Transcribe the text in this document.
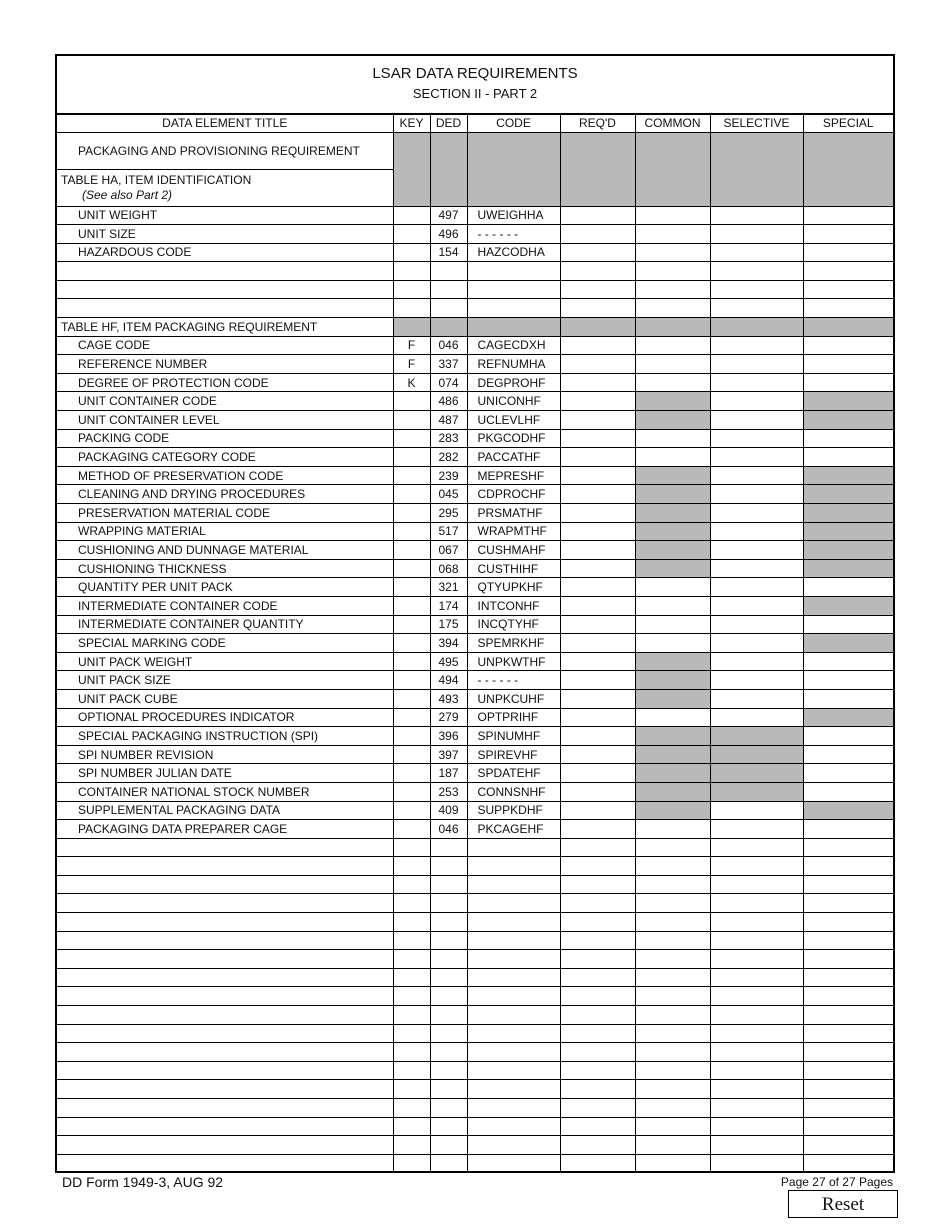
LSAR DATA REQUIREMENTS
SECTION II - PART 2
DATA ELEMENT TITLE	KEY	DED	CODE	REQ'D	COMMON	SELECTIVE	SPECIAL
PACKAGING AND PROVISIONING REQUIREMENT							
TABLE HA, ITEM IDENTIFICATION
(See also Part 2)							

UNIT WEIGHT		497	UWEIGHHA				
UNIT SIZE		496	- - - - - -				
HAZARDOUS CODE		154	HAZCODHA				

TABLE HF, ITEM PACKAGING REQUIREMENT							
CAGE CODE	F	046	CAGECDXH				
REFERENCE NUMBER	F	337	REFNUMHA				
DEGREE OF PROTECTION CODE	K	074	DEGPROHF				
UNIT CONTAINER CODE		486	UNICONHF				
UNIT CONTAINER LEVEL		487	UCLEVLHF				
PACKING CODE		283	PKGCODHF				
PACKAGING CATEGORY CODE		282	PACCATHF				
METHOD OF PRESERVATION CODE		239	MEPRESHF				
CLEANING AND DRYING PROCEDURES		045	CDPROCHF				
PRESERVATION MATERIAL CODE		295	PRSMATHF				
WRAPPING MATERIAL		517	WRAPMTHF				
CUSHIONING AND DUNNAGE MATERIAL		067	CUSHMAHF				
CUSHIONING THICKNESS		068	CUSTHIHF				
QUANTITY PER UNIT PACK		321	QTYUPKHF				
INTERMEDIATE CONTAINER CODE		174	INTCONHF				
INTERMEDIATE CONTAINER QUANTITY		175	INCQTYHF				
SPECIAL MARKING CODE		394	SPEMRKHF				
UNIT PACK WEIGHT		495	UNPKWTHF				
UNIT PACK SIZE		494	- - - - - -				
UNIT PACK CUBE		493	UNPKCUHF				
OPTIONAL PROCEDURES INDICATOR		279	OPTPRIHF				
SPECIAL PACKAGING INSTRUCTION (SPI)		396	SPINUMHF				
SPI NUMBER REVISION		397	SPIREVHF				
SPI NUMBER JULIAN DATE		187	SPDATEHF				
CONTAINER NATIONAL STOCK NUMBER		253	CONNSNHF				
SUPPLEMENTAL PACKAGING DATA		409	SUPPKDHF				
PACKAGING DATA PREPARER CAGE		046	PKCAGEHF				

DD Form 1949-3, AUG 92	Page 27 of 27 Pages
Reset
